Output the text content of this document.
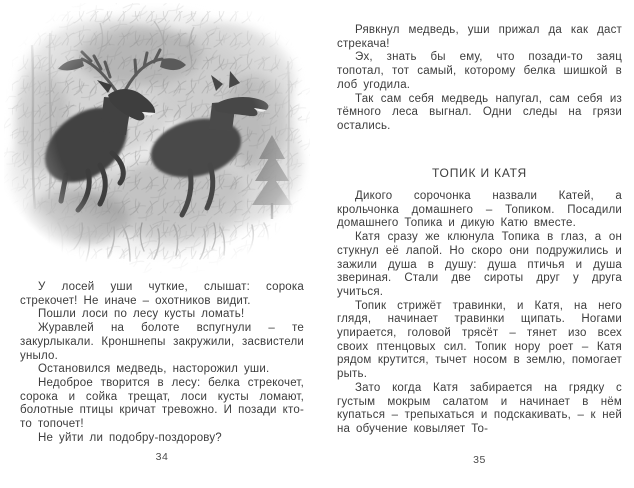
У лосей уши чуткие, слышат: сорока стрекочет! Не иначе – охотников видит.

Пошли лоси по лесу кусты ломать!

Журавлей на болоте вспугнули – те закурлыкали. Кроншнепы закружили, засвистели уныло.

Остановился медведь, насторожил уши.

Недоброе творится в лесу: белка стрекочет, сорока и сойка трещат, лоси кусты ломают, болотные птицы кричат тревожно. И позади кто-то топочет!

Не уйти ли подобру-поздорову?

34

Рявкнул медведь, уши прижал да как даст стрекача!

Эх, знать бы ему, что позади-то заяц топотал, тот самый, которому белка шишкой в лоб угодила.

Так сам себя медведь напугал, сам себя из тёмного леса выгнал. Одни следы на грязи остались.

ТОПИК И КАТЯ

Дикого сорочонка назвали Катей, а крольчонка домашнего – Топиком. Посадили домашнего Топика и дикую Катю вместе.

Катя сразу же клюнула Топика в глаз, а он стукнул её лапой. Но скоро они подружились и зажили душа в душу: душа птичья и душа звериная. Стали две сироты друг у друга учиться.

Топик стрижёт травинки, и Катя, на него глядя, начинает травинки щипать. Ногами упирается, головой трясёт – тянет изо всех своих птенцовых сил. Топик нору роет – Катя рядом крутится, тычет носом в землю, помогает рыть.

Зато когда Катя забирается на грядку с густым мокрым салатом и начинает в нём купаться – трепыхаться и подскакивать, – к ней на обучение ковыляет То-

35
